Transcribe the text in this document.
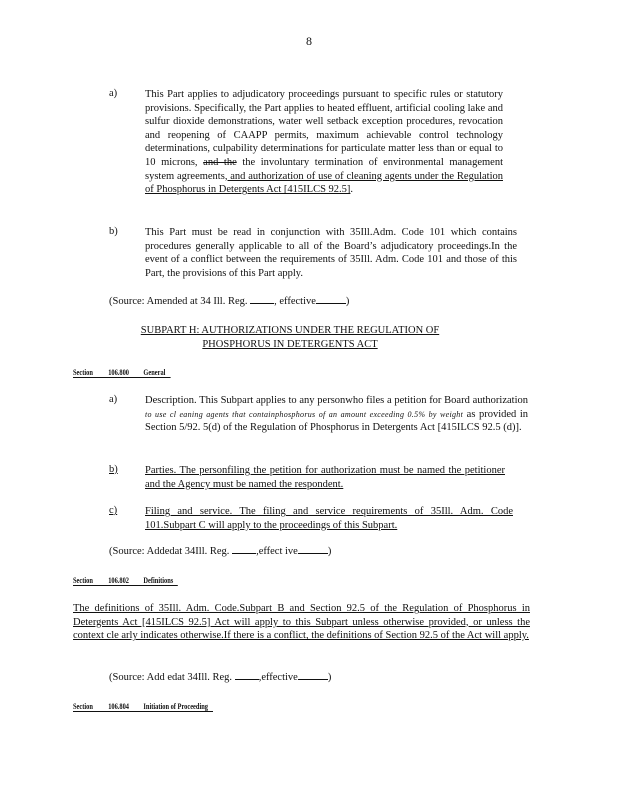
8
a)	This Part applies to adjudicatory proceedings pursuant to specific rules or statutory provisions. Specifically, the Part applies to heated effluent, artificial cooling lake and sulfur dioxide demonstrations, water well setback exception procedures, revocation and reopening of CAAPP permits, maximum achievable control technology determinations, culpability determinations for particulate matter less than or equal to 10 microns, and the the involuntary termination of environmental management system agreements, and authorization of use of cleaning agents under the Regulation of Phosphorus in Detergents Act [415ILCS 92.5].
b)	This Part must be read in conjunction with 35Ill.Adm. Code 101 which contains procedures generally applicable to all of the Board’s adjudicatory proceedings.In the event of a conflict between the requirements of 35Ill. Adm. Code 101 and those of this Part, the provisions of this Part apply.
(Source: Amended at 34 Ill. Reg.	, effective	)
SUBPART H: AUTHORIZATIONS UNDER THE REGULATION OF
PHOSPHORUS IN DETERGENTS ACT
Section 106.800 General
a)	Description. This Subpart applies to any personwho files a petition for Board authorization to use cl eaning agents that containphosphorus of an amount exceeding 0.5% by weight as provided in Section 5/92. 5(d) of the Regulation of Phosphorus in Detergents Act [415ILCS 92.5 (d)].
b)	Parties. The personfiling the petition for authorization must be named the petitioner and the Agency must be named the respondent.
c)	Filing and service. The filing and service requirements of 35Ill. Adm. Code 101.Subpart C will apply to the proceedings of this Subpart.
(Source: Addedat 34Ill. Reg.	,effect ive	)
Section 106.802 Definitions
The definitions of 35Ill. Adm. Code.Subpart B and Section 92.5 of the Regulation of Phosphorus in Detergents Act [415ILCS 92.5] Act will apply to this Subpart unless otherwise provided, or unless the context cle arly indicates otherwise.If there is a conflict, the definitions of Section 92.5 of the Act will apply.
(Source: Add edat 34Ill. Reg.	,effective	)
Section 106.804 Initiation of Proceeding
